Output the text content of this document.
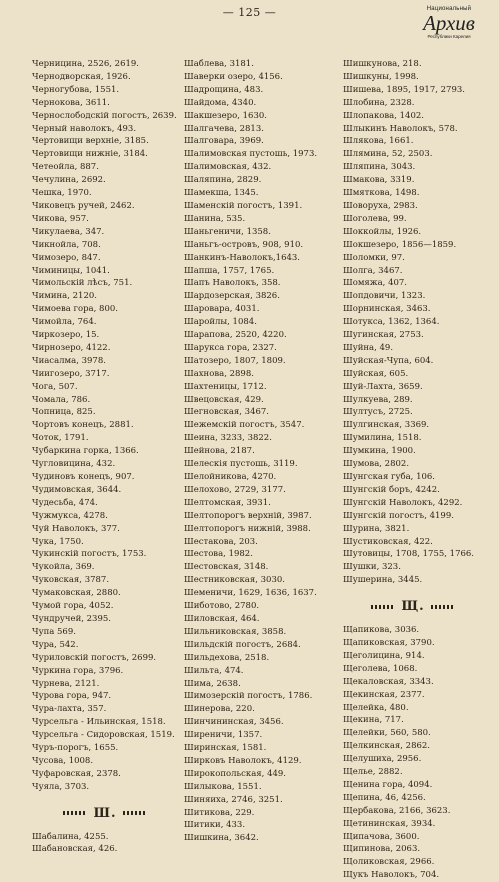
— 125 —	Национальный
Архив
Республики Карелия
Черницина, 2526, 2619.
Чернодворская, 1926.
Черногубова, 1551.
Чернокова, 3611.
Чернослободскій погостъ, 2639.
Черный наволокъ, 493.
Чертовищи верхніе, 3185.
Чертовищи нижніе, 3184.
Четеойла, 887.
Чечулина, 2692.
Чешка, 1970.
Чиковецъ ручей, 2462.
Чикова, 957.
Чикулаева, 347.
Чикнойла, 708.
Чимозеро, 847.
Чиминицы, 1041.
Чимольскій лѣсъ, 751.
Чимина, 2120.
Чимоева гора, 800.
Чимойла, 764.
Чиркозеро, 15.
Чирнозеро, 4122.
Чиасалма, 3978.
Чиигозеро, 3717.
Чога, 507.
Чомала, 786.
Чопница, 825.
Чортовъ конецъ, 2881.
Чоток, 1791.
Чубаркина горка, 1366.
Чугловицина, 432.
Чудиновъ конецъ, 907.
Чудимовская, 3644.
Чудесьба, 474.
Чужмукса, 4278.
Чуй Наволокъ, 377.
Чука, 1750.
Чукинскій погостъ, 1753.
Чукойла, 369.
Чуковская, 3787.
Чумаковская, 2880.
Чумой гора, 4052.
Чундручей, 2395.
Чупа 569.
Чура, 542.
Чуриловскій погостъ, 2699.
Чуркина гора, 3796.
Чурнева, 2121.
Чурова гора, 947.
Чура-лахта, 357.
Чурсельга - Ильинская, 1518.
Чурсельга - Сидоровская, 1519.
Чуръ-порогъ, 1655.
Чусова, 1008.
Чуфаровская, 2378.
Чуяла, 3703.
Ш.
Шабалина, 4255.
Шабановская, 426.
Шаблева, 3181.
Шаверки озеро, 4156.
Шадрощина, 483.
Шайдома, 4340.
Шакшезеро, 1630.
Шалгачева, 2813.
Шалговара, 3969.
Шалимовская пустошь, 1973.
Шалимовская, 432.
Шаляпина, 2829.
Шамекша, 1345.
Шаменскій погостъ, 1391.
Шанина, 535.
Шаньгеничи, 1358.
Шаньгъ-островъ, 908, 910.
Шанкинъ-Наволокъ,1643.
Шапша, 1757, 1765.
Шапъ Наволокъ, 358.
Шардозерская, 3826.
Шаровара, 4031.
Шаройлы, 1084.
Шарапова, 2520, 4220.
Шарукса гора, 2327.
Шатозеро, 1807, 1809.
Шахнова, 2898.
Шахтеницы, 1712.
Швецовская, 429.
Шегновская, 3467.
Шежемскій погостъ, 3547.
Шеина, 3233, 3822.
Шейнова, 2187.
Шелескія пустошь, 3119.
Шелойникова, 4270.
Шелохово, 2729, 3177.
Шелтомская, 3931.
Шелтопорогъ верхній, 3987.
Шелтопорогъ нижній, 3988.
Шестакова, 203.
Шестова, 1982.
Шестовская, 3148.
Шестниковская, 3030.
Шеменичи, 1629, 1636, 1637.
Шиботово, 2780.
Шиловская, 464.
Шильниковская, 3858.
Шильдскій погостъ, 2684.
Шильдехова, 2518.
Шильта, 474.
Шима, 2638.
Шимозерскій погостъ, 1786.
Шинерова, 220.
Шинчининская, 3456.
Ширеничи, 1357.
Ширинская, 1581.
Ширковъ Наволокъ, 4129.
Широкопольская, 449.
Шилыкова, 1551.
Шиняиха, 2746, 3251.
Шитикова, 229.
Шитики, 433.
Шишкина, 3642.
Шишкунова, 218.
Шишкуны, 1998.
Шишева, 1895, 1917, 2793.
Шлобина, 2328.
Шлопакова, 1402.
Шлыкинъ Наволокъ, 578.
Шлякова, 1661.
Шлямина, 52, 2503.
Шляпина, 3043.
Шмакова, 3319.
Шмяткова, 1498.
Шоворуха, 2983.
Шоголева, 99.
Шоккойлы, 1926.
Шокшезеро, 1856—1859.
Шоломки, 97.
Шолга, 3467.
Шомяжа, 407.
Шопдовичи, 1323.
Шорнинская, 3463.
Шотукса, 1362, 1364.
Шугинская, 2753.
Шуйна, 49.
Шуйская-Чупа, 604.
Шуйская, 605.
Шуй-Лахта, 3659.
Шулкуева, 289.
Шултусъ, 2725.
Шулгинская, 3369.
Шумилина, 1518.
Шумкина, 1900.
Шумова, 2802.
Шунгская губа, 106.
Шунгскій боръ, 4242.
Шунгскій Наволокъ, 4292.
Шунгскій погостъ, 4199.
Шурина, 3821.
Шустиковская, 422.
Шутовицы, 1708, 1755, 1766.
Шушки, 323.
Шушерина, 3445.
Щ.
Щапикова, 3036.
Щапиковская, 3790.
Щеголицина, 914.
Щеголева, 1068.
Щекаловская, 3343.
Щекинская, 2377.
Щелейка, 480.
Щекина, 717.
Щелейки, 560, 580.
Щелкинская, 2862.
Щелушиха, 2956.
Щелье, 2882.
Щенина гора, 4094.
Щепина, 46, 4256.
Щербакова, 2166, 3623.
Щетининская, 3934.
Щипачова, 3600.
Щипинова, 2063.
Щоликовская, 2966.
Щукъ Наволокъ, 704.
